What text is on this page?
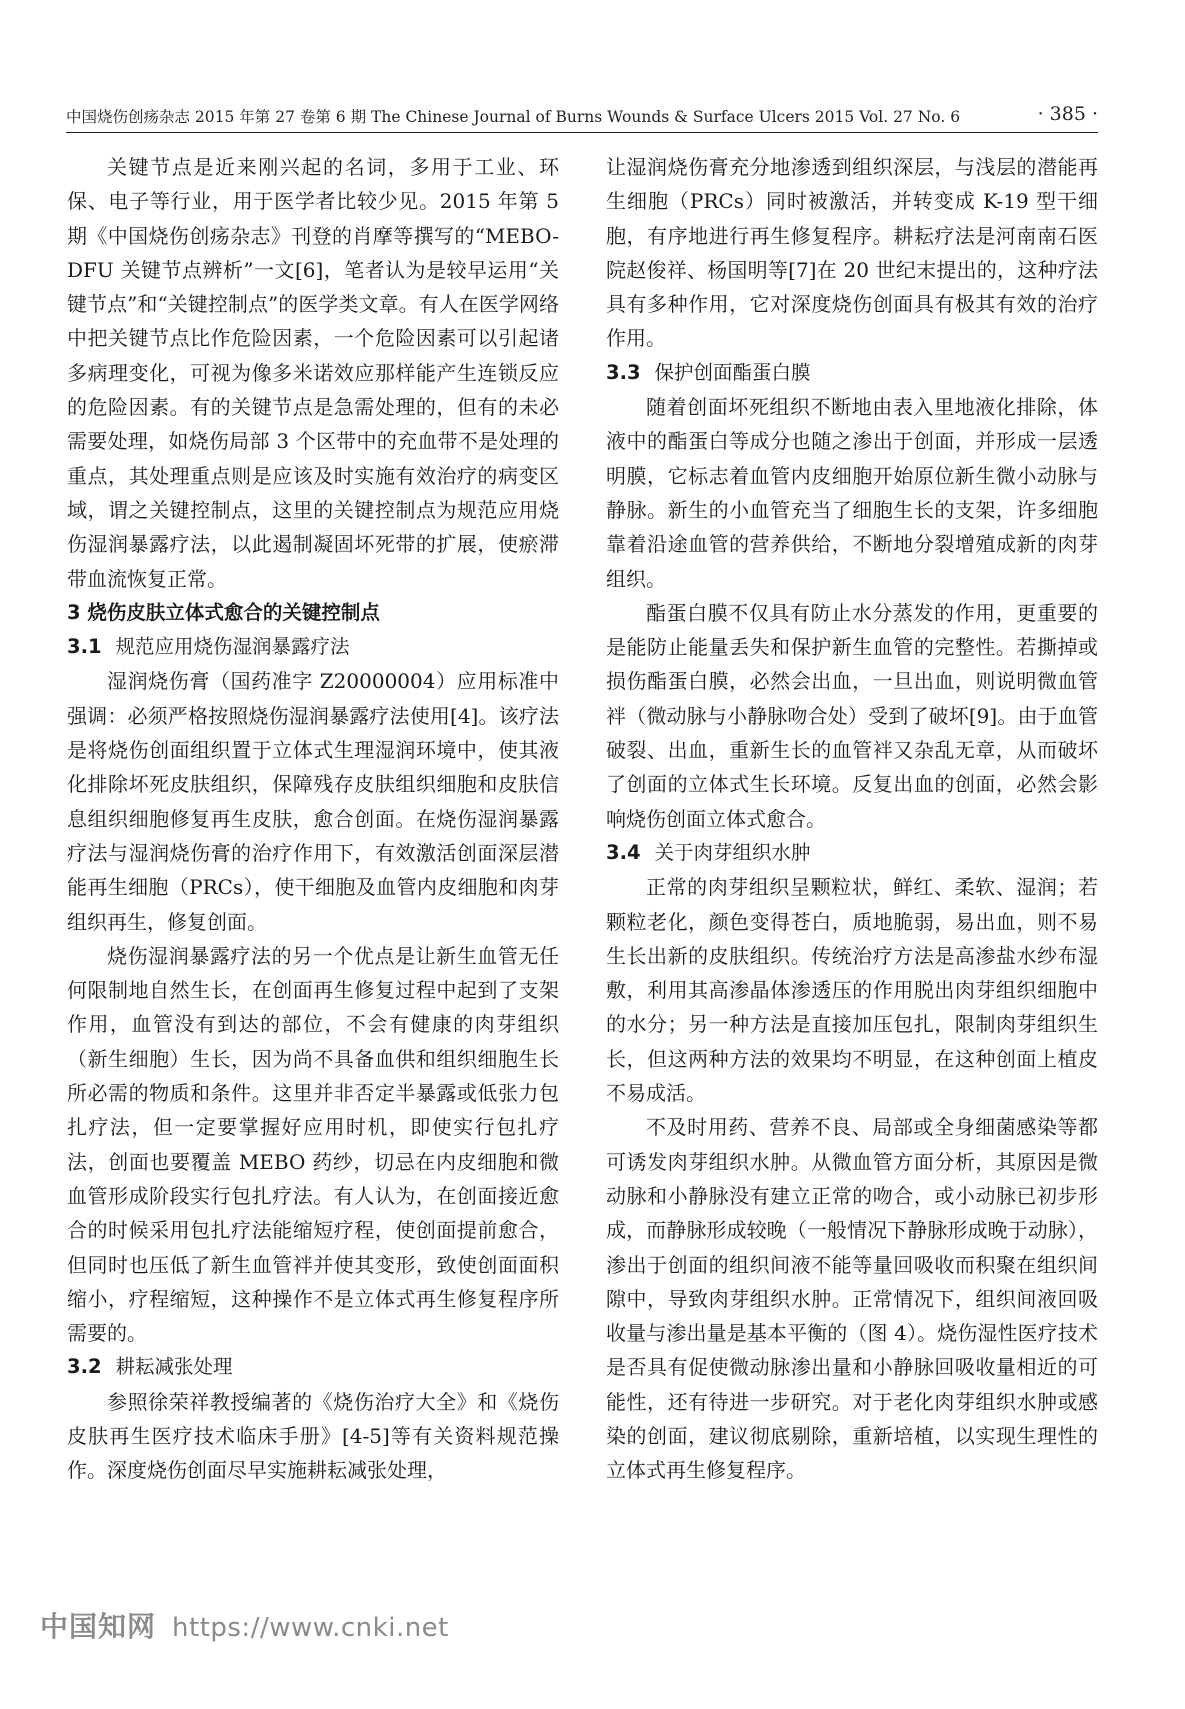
中国烧伤创疡杂志 2015 年第 27 卷第 6 期 The Chinese Journal of Burns Wounds & Surface Ulcers 2015 Vol. 27 No. 6	· 385 ·

关键节点是近来刚兴起的名词，多用于工业、环保、电子等行业，用于医学者比较少见。2015 年第 5 期《中国烧伤创疡杂志》刊登的肖摩等撰写的“MEBO-DFU 关键节点辨析”一文[6]，笔者认为是较早运用“关键节点”和“关键控制点”的医学类文章。有人在医学网络中把关键节点比作危险因素，一个危险因素可以引起诸多病理变化，可视为像多米诺效应那样能产生连锁反应的危险因素。有的关键节点是急需处理的，但有的未必需要处理，如烧伤局部 3 个区带中的充血带不是处理的重点，其处理重点则是应该及时实施有效治疗的病变区域，谓之关键控制点，这里的关键控制点为规范应用烧伤湿润暴露疗法，以此遏制凝固坏死带的扩展，使瘀滞带血流恢复正常。

3 烧伤皮肤立体式愈合的关键控制点

3.1 规范应用烧伤湿润暴露疗法

湿润烧伤膏（国药准字 Z20000004）应用标准中强调：必须严格按照烧伤湿润暴露疗法使用[4]。该疗法是将烧伤创面组织置于立体式生理湿润环境中，使其液化排除坏死皮肤组织，保障残存皮肤组织细胞和皮肤信息组织细胞修复再生皮肤，愈合创面。在烧伤湿润暴露疗法与湿润烧伤膏的治疗作用下，有效激活创面深层潜能再生细胞（PRCs），使干细胞及血管内皮细胞和肉芽组织再生，修复创面。

烧伤湿润暴露疗法的另一个优点是让新生血管无任何限制地自然生长，在创面再生修复过程中起到了支架作用，血管没有到达的部位，不会有健康的肉芽组织（新生细胞）生长，因为尚不具备血供和组织细胞生长所必需的物质和条件。这里并非否定半暴露或低张力包扎疗法，但一定要掌握好应用时机，即使实行包扎疗法，创面也要覆盖 MEBO 药纱，切忌在内皮细胞和微血管形成阶段实行包扎疗法。有人认为，在创面接近愈合的时候采用包扎疗法能缩短疗程，使创面提前愈合，但同时也压低了新生血管袢并使其变形，致使创面面积缩小，疗程缩短，这种操作不是立体式再生修复程序所需要的。

3.2 耕耘减张处理

参照徐荣祥教授编著的《烧伤治疗大全》和《烧伤皮肤再生医疗技术临床手册》[4-5]等有关资料规范操作。深度烧伤创面尽早实施耕耘减张处理，

让湿润烧伤膏充分地渗透到组织深层，与浅层的潜能再生细胞（PRCs）同时被激活，并转变成 K-19 型干细胞，有序地进行再生修复程序。耕耘疗法是河南南石医院赵俊祥、杨国明等[7]在 20 世纪末提出的，这种疗法具有多种作用，它对深度烧伤创面具有极其有效的治疗作用。

3.3 保护创面酯蛋白膜

随着创面坏死组织不断地由表入里地液化排除，体液中的酯蛋白等成分也随之渗出于创面，并形成一层透明膜，它标志着血管内皮细胞开始原位新生微小动脉与静脉。新生的小血管充当了细胞生长的支架，许多细胞靠着沿途血管的营养供给，不断地分裂增殖成新的肉芽组织。

酯蛋白膜不仅具有防止水分蒸发的作用，更重要的是能防止能量丢失和保护新生血管的完整性。若撕掉或损伤酯蛋白膜，必然会出血，一旦出血，则说明微血管袢（微动脉与小静脉吻合处）受到了破坏[9]。由于血管破裂、出血，重新生长的血管袢又杂乱无章，从而破坏了创面的立体式生长环境。反复出血的创面，必然会影响烧伤创面立体式愈合。

3.4 关于肉芽组织水肿

正常的肉芽组织呈颗粒状，鲜红、柔软、湿润；若颗粒老化，颜色变得苍白，质地脆弱，易出血，则不易生长出新的皮肤组织。传统治疗方法是高渗盐水纱布湿敷，利用其高渗晶体渗透压的作用脱出肉芽组织细胞中的水分；另一种方法是直接加压包扎，限制肉芽组织生长，但这两种方法的效果均不明显，在这种创面上植皮不易成活。

不及时用药、营养不良、局部或全身细菌感染等都可诱发肉芽组织水肿。从微血管方面分析，其原因是微动脉和小静脉没有建立正常的吻合，或小动脉已初步形成，而静脉形成较晚（一般情况下静脉形成晚于动脉），渗出于创面的组织间液不能等量回吸收而积聚在组织间隙中，导致肉芽组织水肿。正常情况下，组织间液回吸收量与渗出量是基本平衡的（图 4）。烧伤湿性医疗技术是否具有促使微动脉渗出量和小静脉回吸收量相近的可能性，还有待进一步研究。对于老化肉芽组织水肿或感染的创面，建议彻底剔除，重新培植，以实现生理性的立体式再生修复程序。

中国知网 https://www.cnki.net
